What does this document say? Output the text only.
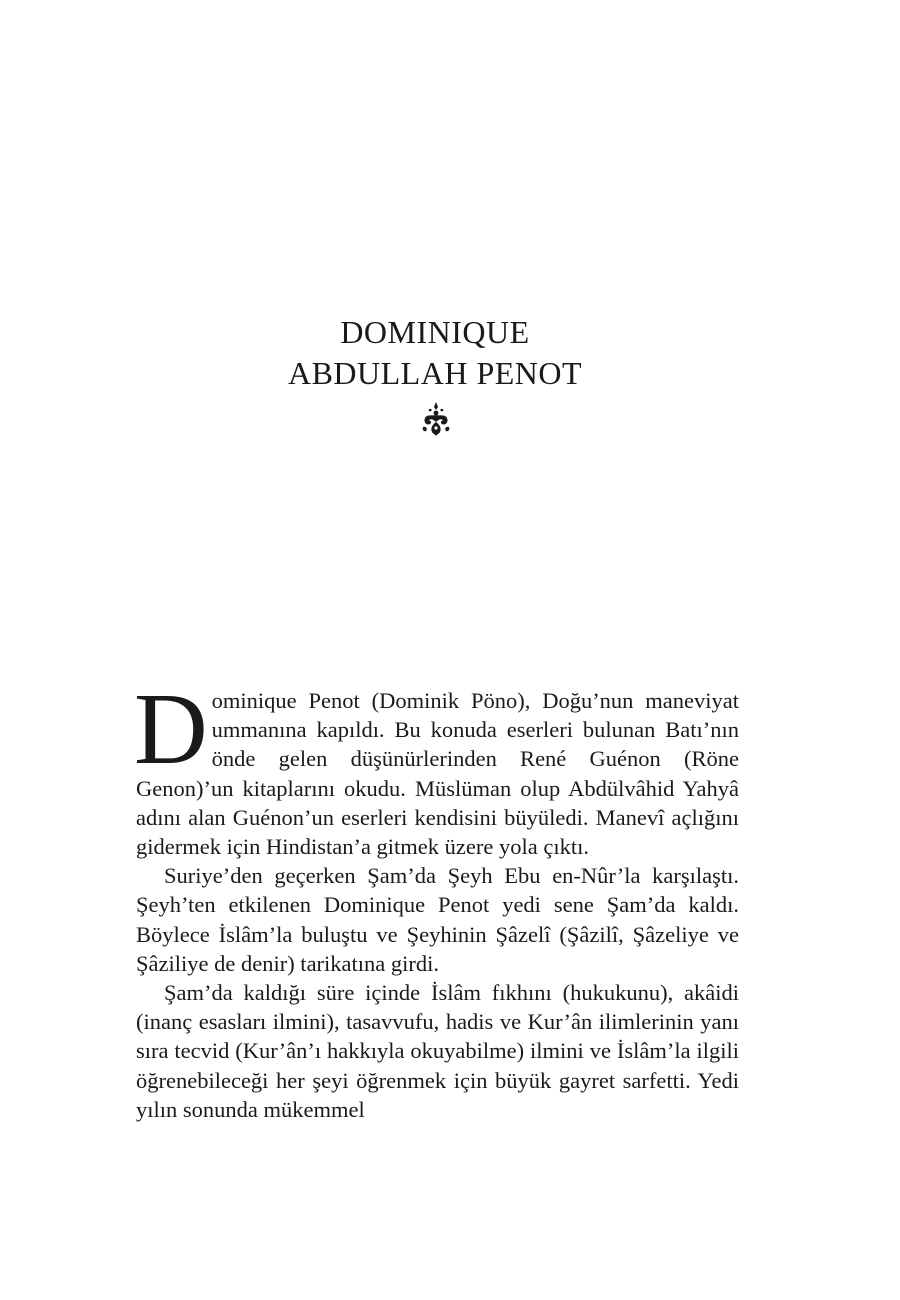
DOMINIQUE
ABDULLAH PENOT

Dominique Penot (Dominik Pöno), Doğu’nun maneviyat ummanına kapıldı. Bu konuda eserleri bulunan Batı’nın önde gelen düşünürlerinden René Guénon (Röne Genon)’un kitaplarını okudu. Müslüman olup Abdülvâhid Yahyâ adını alan Guénon’un eserleri kendisini büyüledi. Manevî açlığını gidermek için Hindistan’a gitmek üzere yola çıktı.

Suriye’den geçerken Şam’da Şeyh Ebu en-Nûr’la karşılaştı. Şeyh’ten etkilenen Dominique Penot yedi sene Şam’da kaldı. Böylece İslâm’la buluştu ve Şeyhinin Şâzelî (Şâzilî, Şâzeliye ve Şâziliye de denir) tarikatına girdi.

Şam’da kaldığı süre içinde İslâm fıkhını (hukukunu), akâidi (inanç esasları ilmini), tasavvufu, hadis ve Kur’ân ilimlerinin yanı sıra tecvid (Kur’ân’ı hakkıyla okuyabilme) ilmini ve İslâm’la ilgili öğrenebileceği her şeyi öğrenmek için büyük gayret sarfetti. Yedi yılın sonunda mükemmel
